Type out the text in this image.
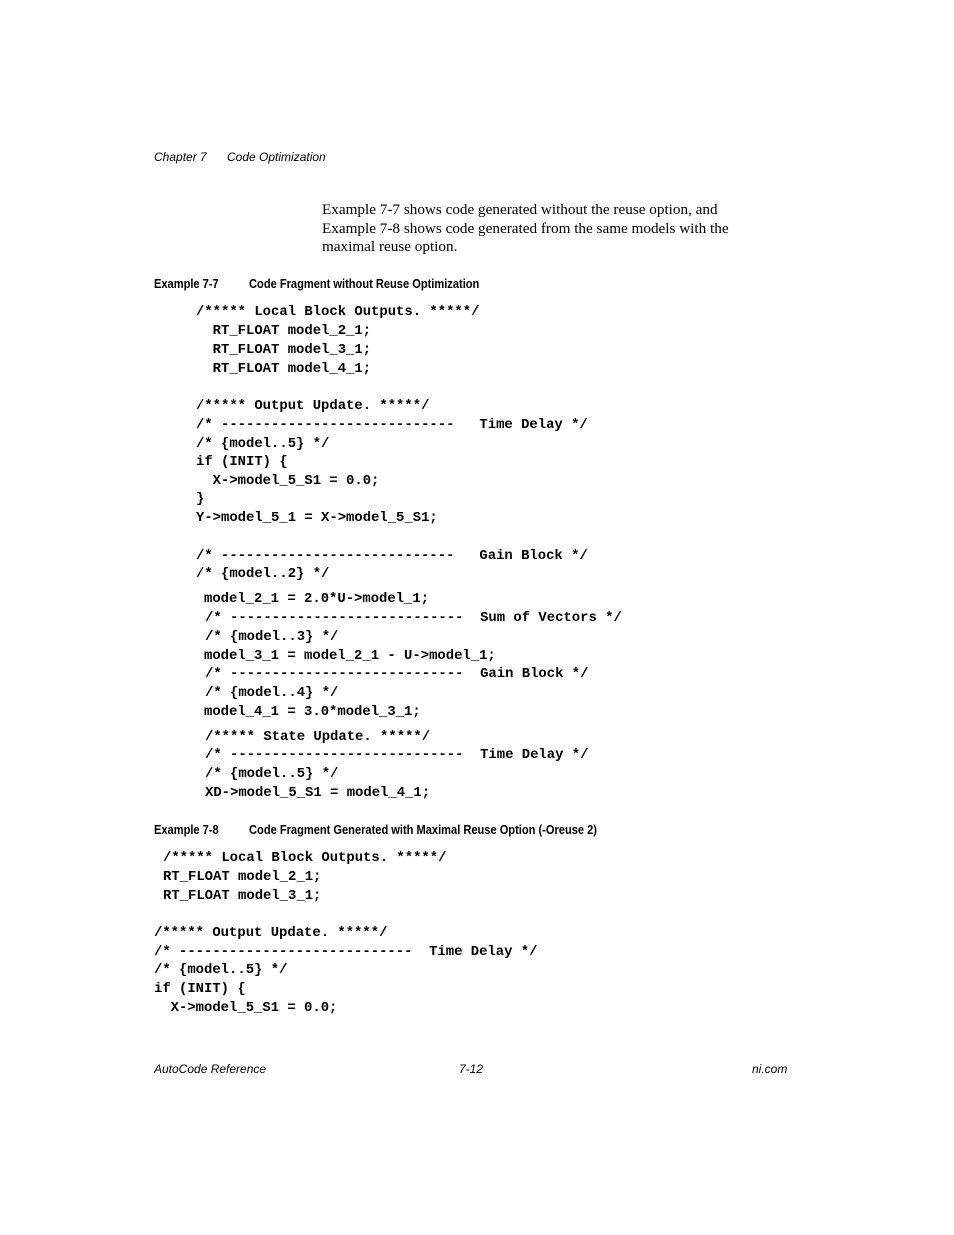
Chapter 7

Code Optimization

Example 7-7 shows code generated without the reuse option, and
Example 7-8 shows code generated from the same models with the
maximal reuse option.
Example 7-7 Code Fragment without Reuse Optimization
/***** Local Block Outputs. *****/
RT_FLOAT model_2_1;
RT_FLOAT model_3_1;
RT_FLOAT model_4_1;
/***** Output Update. *****/
/* ----------------------------   Time Delay */
/* {model..5} */
if (INIT) {
X->model_5_S1 = 0.0;
}
Y->model_5_1 = X->model_5_S1;
/* ----------------------------   Gain Block */
/* {model..2} */
model_2_1 = 2.0*U->model_1;
/* ----------------------------  Sum of Vectors */
/* {model..3} */
model_3_1 = model_2_1 - U->model_1;
/* ----------------------------  Gain Block */
/* {model..4} */
model_4_1 = 3.0*model_3_1;
/***** State Update. *****/
/* ----------------------------  Time Delay */
/* {model..5} */
XD->model_5_S1 = model_4_1;
Example 7-8 Code Fragment Generated with Maximal Reuse Option (-Oreuse 2)
/***** Local Block Outputs. *****/
RT_FLOAT model_2_1;
RT_FLOAT model_3_1;
/***** Output Update. *****/
/* ----------------------------  Time Delay */
/* {model..5} */
if (INIT) {
X->model_5_S1 = 0.0;
AutoCode Reference	7-12	ni.com
